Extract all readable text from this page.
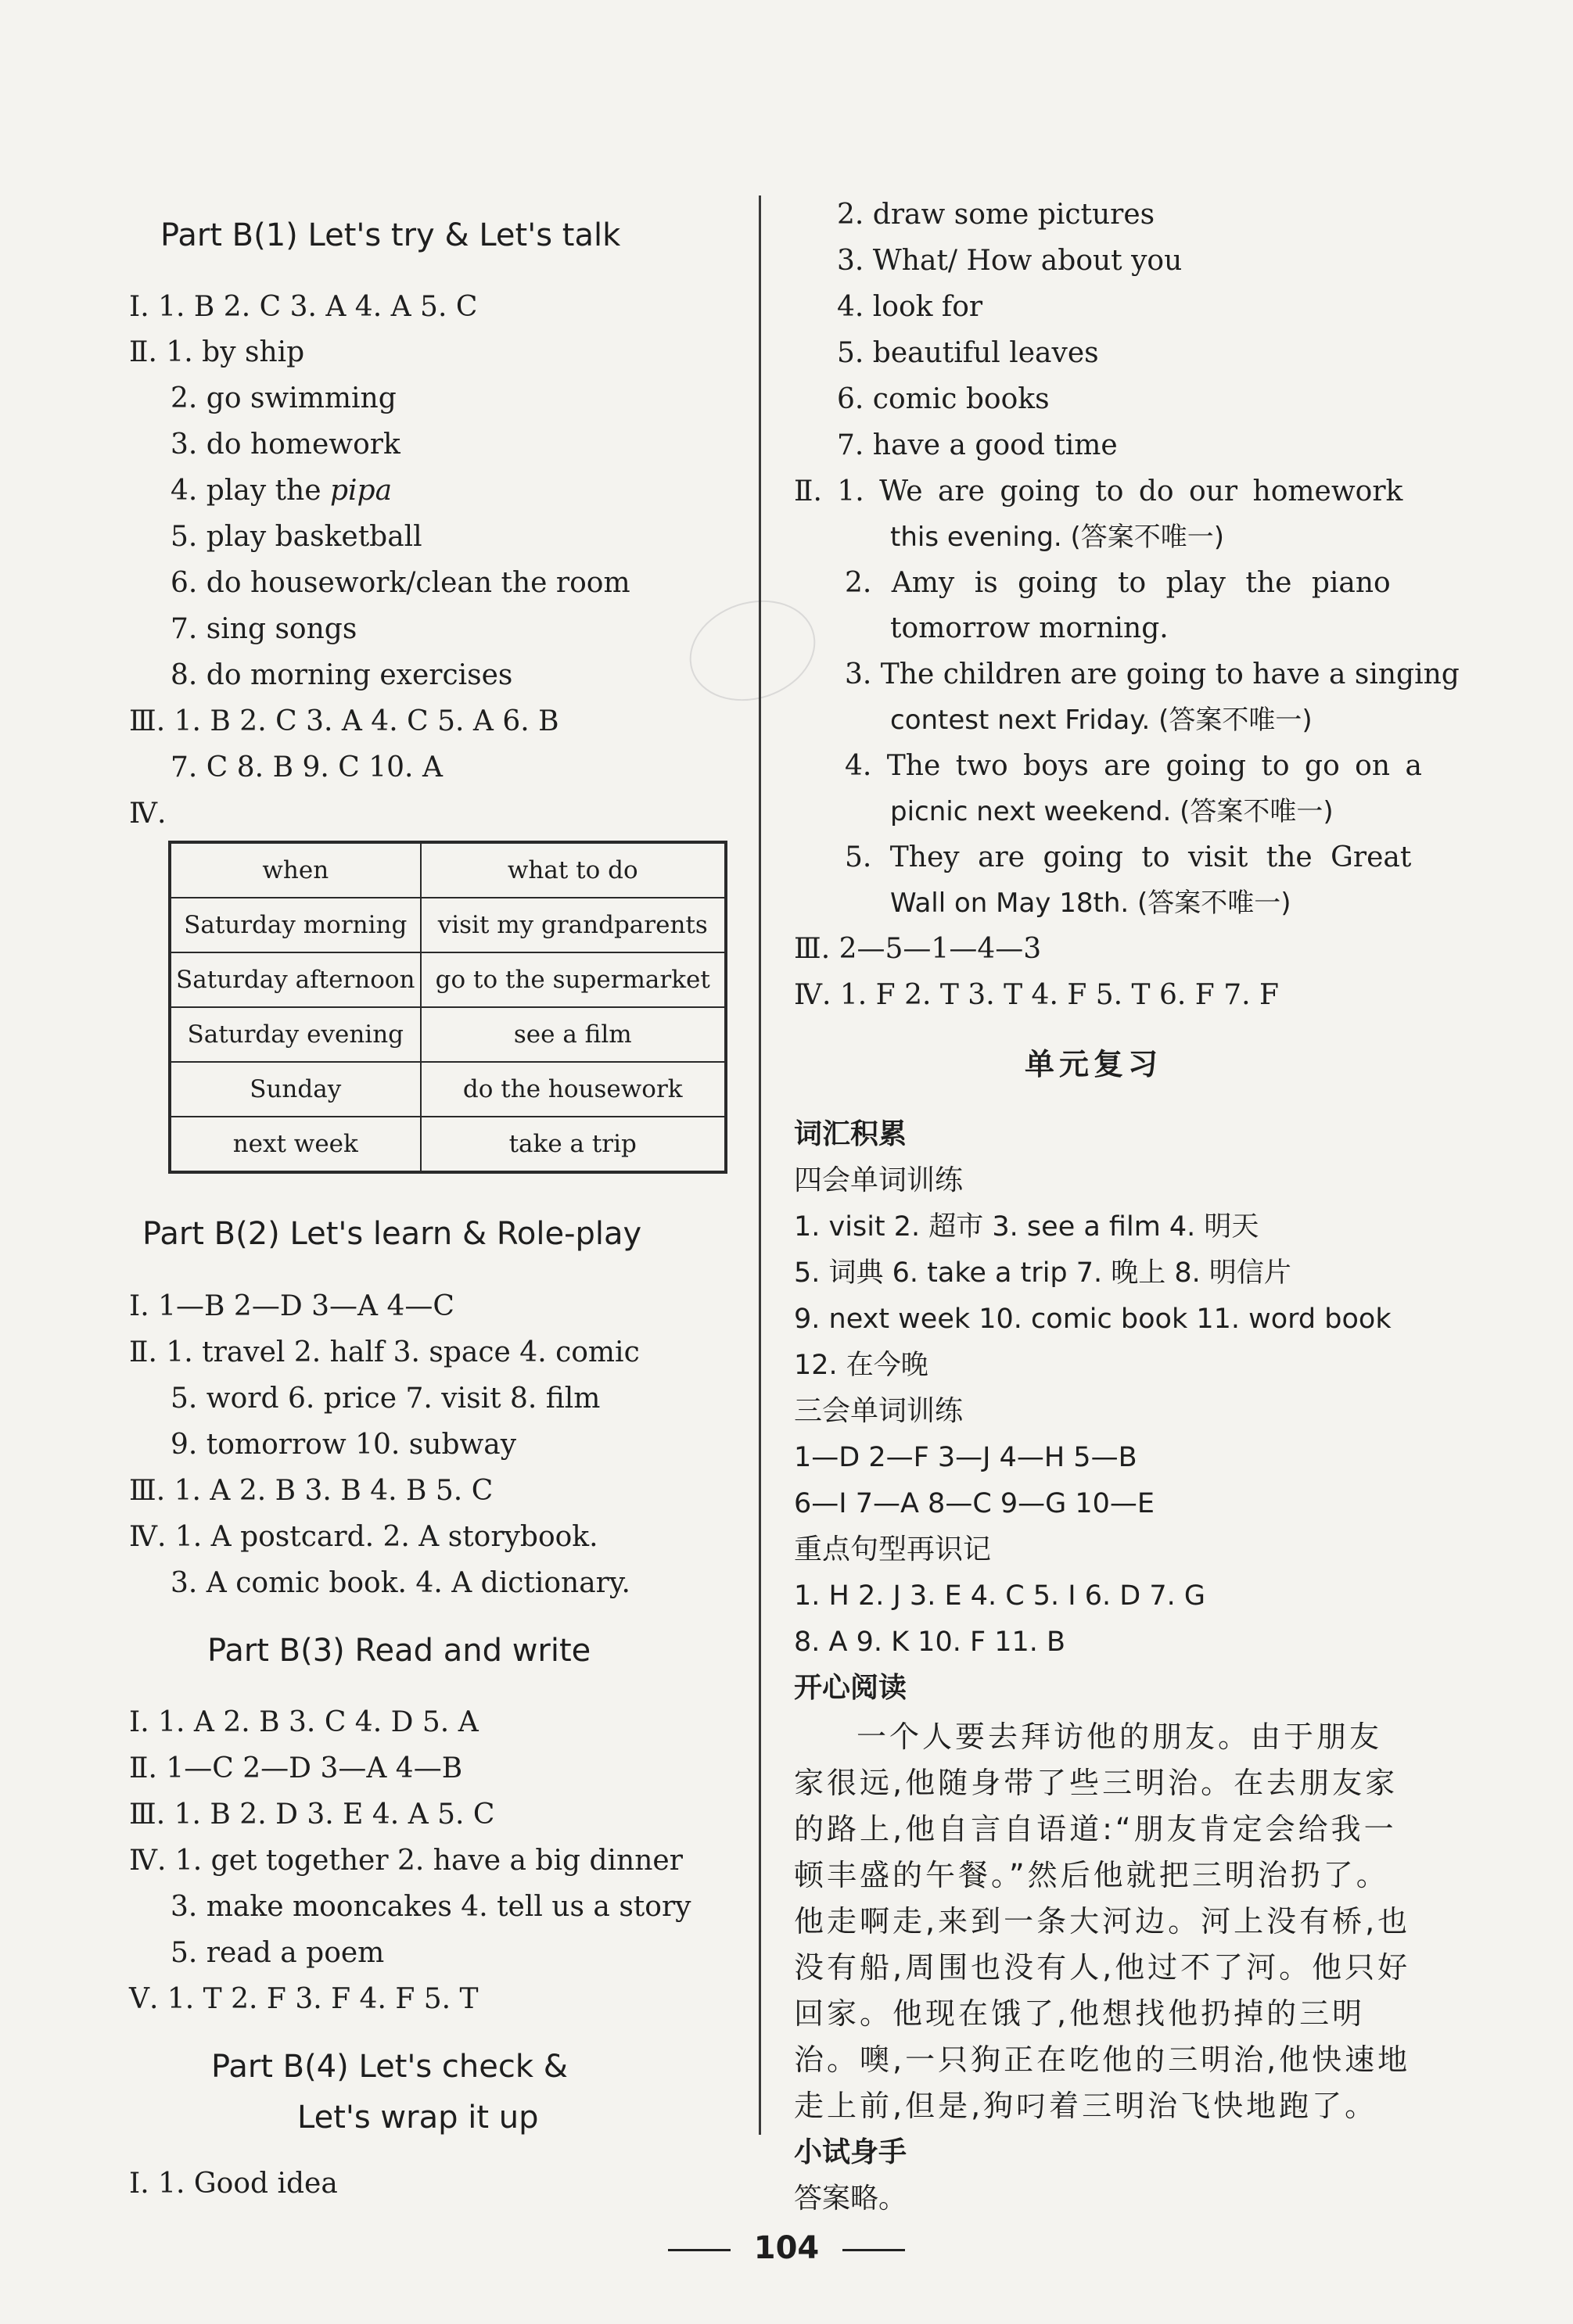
Part B(1) Let's try & Let's talk
Ⅰ. 1. B 2. C 3. A 4. A 5. C
Ⅱ. 1. by ship
2. go swimming
3. do homework
4. play the pipa
5. play basketball
6. do housework/clean the room
7. sing songs
8. do morning exercises
Ⅲ. 1. B 2. C 3. A 4. C 5. A 6. B
7. C 8. B 9. C 10. A
Ⅳ.
when	what to do
Saturday morning	visit my grandparents
Saturday afternoon	go to the supermarket
Saturday evening	see a film
Sunday	do the housework
next week	take a trip
Part B(2) Let's learn & Role-play
Ⅰ. 1—B 2—D 3—A 4—C
Ⅱ. 1. travel 2. half 3. space 4. comic
5. word 6. price 7. visit 8. film
9. tomorrow 10. subway
Ⅲ. 1. A 2. B 3. B 4. B 5. C
Ⅳ. 1. A postcard. 2. A storybook.
3. A comic book. 4. A dictionary.
Part B(3) Read and write
Ⅰ. 1. A 2. B 3. C 4. D 5. A
Ⅱ. 1—C 2—D 3—A 4—B
Ⅲ. 1. B 2. D 3. E 4. A 5. C
Ⅳ. 1. get together 2. have a big dinner
3. make mooncakes 4. tell us a story
5. read a poem
Ⅴ. 1. T 2. F 3. F 4. F 5. T
Part B(4) Let's check &
Let's wrap it up
Ⅰ. 1. Good idea
2. draw some pictures
3. What/ How about you
4. look for
5. beautiful leaves
6. comic books
7. have a good time
Ⅱ. 1. We are going to do our homework
this evening. (答案不唯一)
2. Amy is going to play the piano
tomorrow morning.
3. The children are going to have a singing
contest next Friday. (答案不唯一)
4. The two boys are going to go on a
picnic next weekend. (答案不唯一)
5. They are going to visit the Great
Wall on May 18th. (答案不唯一)
Ⅲ. 2—5—1—4—3
Ⅳ. 1. F 2. T 3. T 4. F 5. T 6. F 7. F
单元复习
词汇积累
四会单词训练
1. visit 2. 超市 3. see a film 4. 明天
5. 词典 6. take a trip 7. 晚上 8. 明信片
9. next week 10. comic book 11. word book
12. 在今晚
三会单词训练
1—D 2—F 3—J 4—H 5—B
6—I 7—A 8—C 9—G 10—E
重点句型再识记
1. H 2. J 3. E 4. C 5. I 6. D 7. G
8. A 9. K 10. F 11. B
开心阅读
一个人要去拜访他的朋友。由于朋友家很远,他随身带了些三明治。在去朋友家的路上,他自言自语道:“朋友肯定会给我一顿丰盛的午餐。”然后他就把三明治扔了。他走啊走,来到一条大河边。河上没有桥,也没有船,周围也没有人,他过不了河。他只好回家。他现在饿了,他想找他扔掉的三明治。噢,一只狗正在吃他的三明治,他快速地走上前,但是,狗叼着三明治飞快地跑了。
小试身手
答案略。
104
